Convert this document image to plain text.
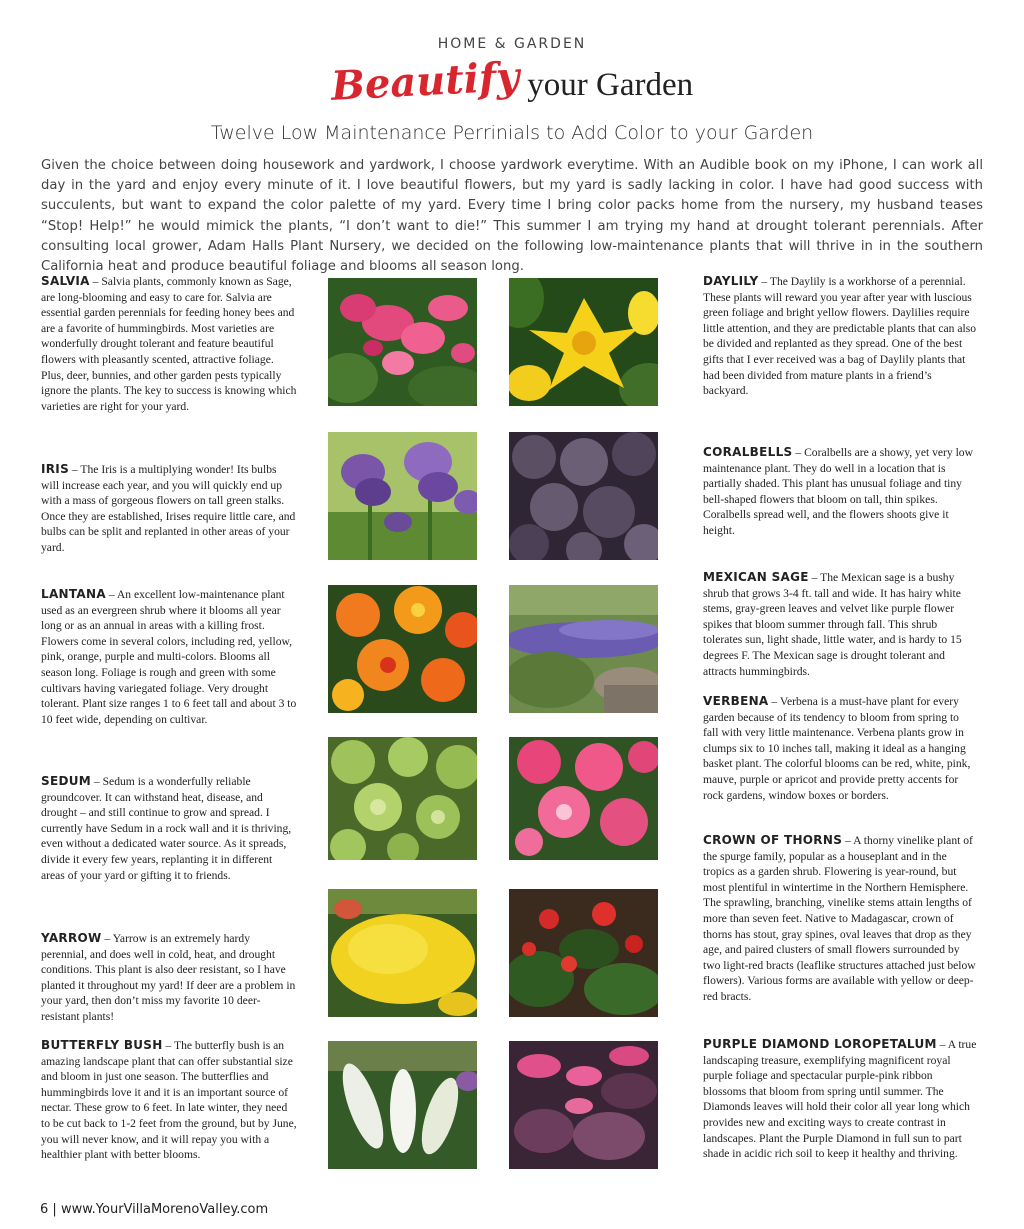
HOME & GARDEN
Beautify your Garden
Twelve Low Maintenance Perrinials to Add Color to your Garden
Given the choice between doing housework and yardwork, I choose yardwork everytime. With an Audible book on my iPhone, I can work all day in the yard and enjoy every minute of it. I love beautiful flowers, but my yard is sadly lacking in color. I have had good success with succulents, but want to expand the color palette of my yard. Every time I bring color packs home from the nursery, my husband teases “Stop! Help!” he would mimick the plants, “I don’t want to die!” This summer I am trying my hand at drought tolerant perennials. After consulting local grower, Adam Halls Plant Nursery, we decided on the following low-maintenance plants that will thrive in in the southern California heat and produce beautiful foliage and blooms all season long.
SALVIA – Salvia plants, commonly known as Sage, are long-blooming and easy to care for. Salvia are essential garden perennials for feeding honey bees and are a favorite of hummingbirds. Most varieties are wonderfully drought tolerant and feature beautiful flowers with pleasantly scented, attractive foliage. Plus, deer, bunnies, and other garden pests typically ignore the plants. The key to success is knowing which varieties are right for your yard.
IRIS – The Iris is a multiplying wonder! Its bulbs will increase each year, and you will quickly end up with a mass of gorgeous flowers on tall green stalks. Once they are established, Irises require little care, and bulbs can be split and replanted in other areas of your yard.
LANTANA – An excellent low-maintenance plant used as an evergreen shrub where it blooms all year long or as an annual in areas with a killing frost. Flowers come in several colors, including red, yellow, pink, orange, purple and multi-colors. Blooms all season long. Foliage is rough and green with some cultivars having variegated foliage. Very drought tolerant. Plant size ranges 1 to 6 feet tall and about 3 to 10 feet wide, depending on cultivar.
SEDUM – Sedum is a wonderfully reliable groundcover. It can withstand heat, disease, and drought – and still continue to grow and spread. I currently have Sedum in a rock wall and it is thriving, even without a dedicated water source. As it spreads, divide it every few years, replanting it in different areas of your yard or gifting it to friends.
YARROW – Yarrow is an extremely hardy perennial, and does well in cold, heat, and drought conditions. This plant is also deer resistant, so I have planted it throughout my yard! If deer are a problem in your yard, then don’t miss my favorite 10 deer-resistant plants!
BUTTERFLY BUSH – The butterfly bush is an amazing landscape plant that can offer substantial size and bloom in just one season. The butterflies and hummingbirds love it and it is an important source of nectar. These grow to 6 feet. In late winter, they need to be cut back to 1-2 feet from the ground, but by June, you will never know, and it will repay you with a healthier plant with better blooms.
DAYLILY – The Daylily is a workhorse of a perennial. These plants will reward you year after year with luscious green foliage and bright yellow flowers. Daylilies require little attention, and they are predictable plants that can also be divided and replanted as they spread. One of the best gifts that I ever received was a bag of Daylily plants that had been divided from mature plants in a friend’s backyard.
CORALBELLS – Coralbells are a showy, yet very low maintenance plant. They do well in a location that is partially shaded. This plant has unusual foliage and tiny bell-shaped flowers that bloom on tall, thin spikes. Coralbells spread well, and the flowers shoots give it height.
MEXICAN SAGE – The Mexican sage is a bushy shrub that grows 3-4 ft. tall and wide. It has hairy white stems, gray-green leaves and velvet like purple flower spikes that bloom summer through fall. This shrub tolerates sun, light shade, little water, and is hardy to 15 degrees F. The Mexican sage is drought tolerant and attracts hummingbirds.
VERBENA – Verbena is a must-have plant for every garden because of its tendency to bloom from spring to fall with very little maintenance. Verbena plants grow in clumps six to 10 inches tall, making it ideal as a hanging basket plant. The colorful blooms can be red, white, pink, mauve, purple or apricot and provide pretty accents for rock gardens, window boxes or borders.
CROWN OF THORNS – A thorny vinelike plant of the spurge family, popular as a houseplant and in the tropics as a garden shrub. Flowering is year-round, but most plentiful in wintertime in the Northern Hemisphere. The sprawling, branching, vinelike stems attain lengths of more than seven feet. Native to Madagascar, crown of thorns has stout, gray spines, oval leaves that drop as they age, and paired clusters of small flowers surrounded by two light-red bracts (leaflike structures attached just below flowers). Various forms are available with yellow or deep-red bracts.
PURPLE DIAMOND LOROPETALUM – A true landscaping treasure, exemplifying magnificent royal purple foliage and spectacular purple-pink ribbon blossoms that bloom from spring until summer. The Diamonds leaves will hold their color all year long which provides new and exciting ways to create contrast in landscapes. Plant the Purple Diamond in full sun to part shade in acidic rich soil to keep it healthy and thriving.
6 | www.YourVillaMorenoValley.com
